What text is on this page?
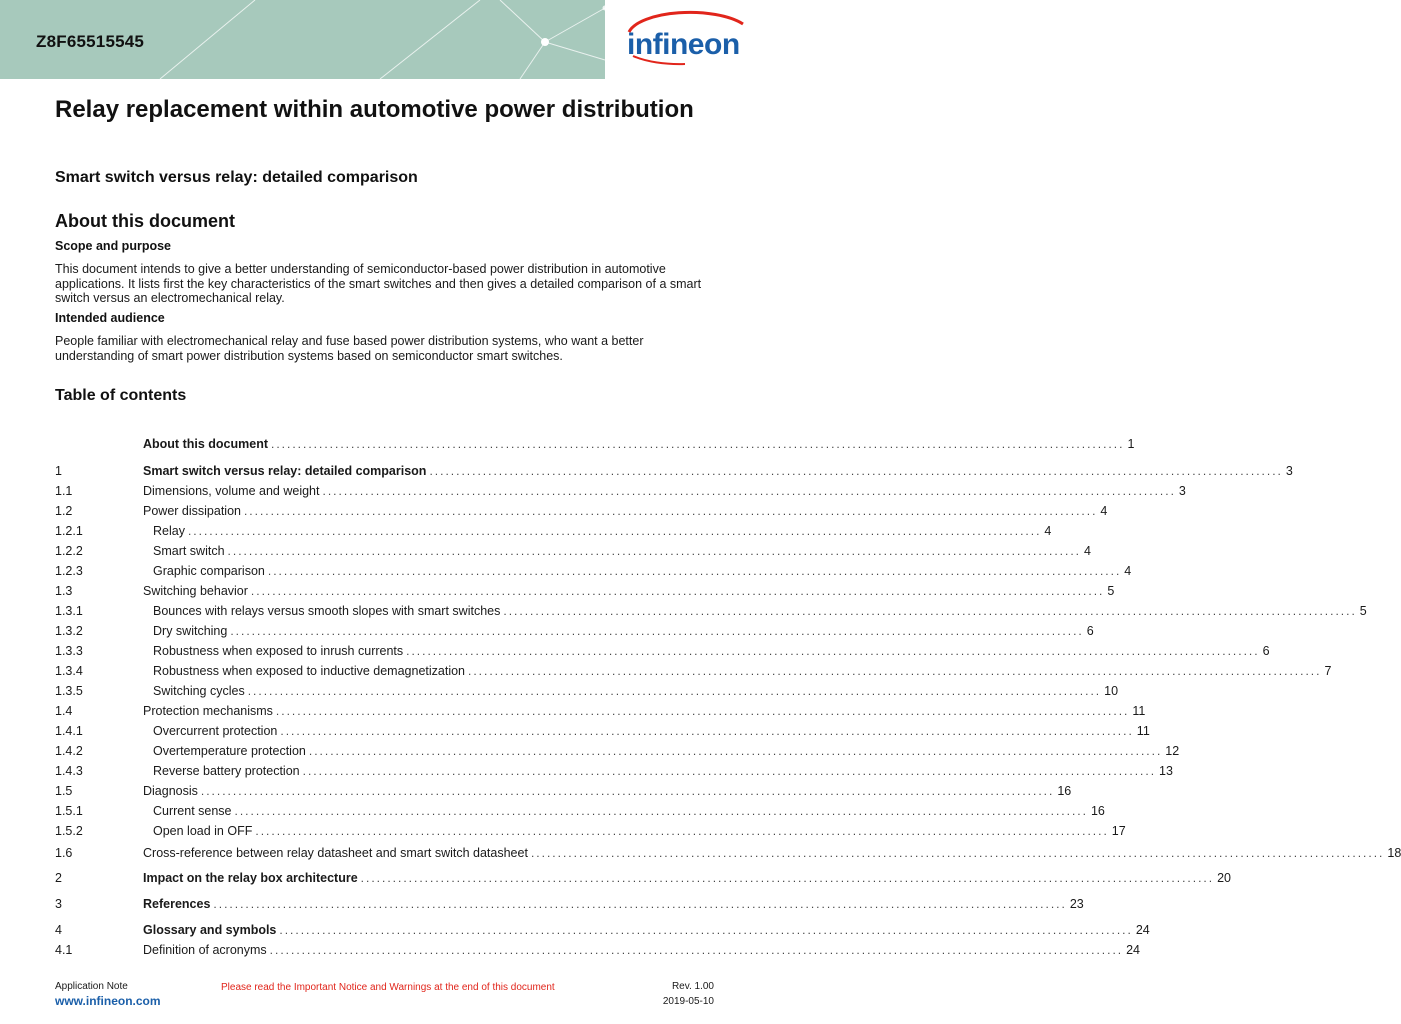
Z8F65515545	infineon
Relay replacement within automotive power distribution
Smart switch versus relay: detailed comparison
About this document
Scope and purpose
This document intends to give a better understanding of semiconductor-based power distribution in automotive applications. It lists first the key characteristics of the smart switches and then gives a detailed comparison of a smart switch versus an electromechanical relay.
Intended audience
People familiar with electromechanical relay and fuse based power distribution systems, who want a better understanding of smart power distribution systems based on semiconductor smart switches.
Table of contents
About this document ................................................................................................................................................................ 1
1	Smart switch versus relay: detailed comparison ................................................................................................................................................................ 3
1.1	Dimensions, volume and weight ................................................................................................................................................................ 3
1.2	Power dissipation ................................................................................................................................................................ 4
1.2.1	Relay ................................................................................................................................................................ 4
1.2.2	Smart switch ................................................................................................................................................................ 4
1.2.3	Graphic comparison ................................................................................................................................................................ 4
1.3	Switching behavior ................................................................................................................................................................ 5
1.3.1	Bounces with relays versus smooth slopes with smart switches ................................................................................................................................................................ 5
1.3.2	Dry switching ................................................................................................................................................................ 6
1.3.3	Robustness when exposed to inrush currents ................................................................................................................................................................ 6
1.3.4	Robustness when exposed to inductive demagnetization ................................................................................................................................................................ 7
1.3.5	Switching cycles ................................................................................................................................................................ 10
1.4	Protection mechanisms ................................................................................................................................................................ 11
1.4.1	Overcurrent protection ................................................................................................................................................................ 11
1.4.2	Overtemperature protection ................................................................................................................................................................ 12
1.4.3	Reverse battery protection ................................................................................................................................................................ 13
1.5	Diagnosis ................................................................................................................................................................ 16
1.5.1	Current sense ................................................................................................................................................................ 16
1.5.2	Open load in OFF ................................................................................................................................................................ 17
1.6	Cross-reference between relay datasheet and smart switch datasheet ................................................................................................................................................................ 18
2	Impact on the relay box architecture ................................................................................................................................................................ 20
3	References ................................................................................................................................................................ 23
4	Glossary and symbols ................................................................................................................................................................ 24
4.1	Definition of acronyms ................................................................................................................................................................ 24
Application Note
www.infineon.com
Please read the Important Notice and Warnings at the end of this document	Rev. 1.00
2019-05-10
